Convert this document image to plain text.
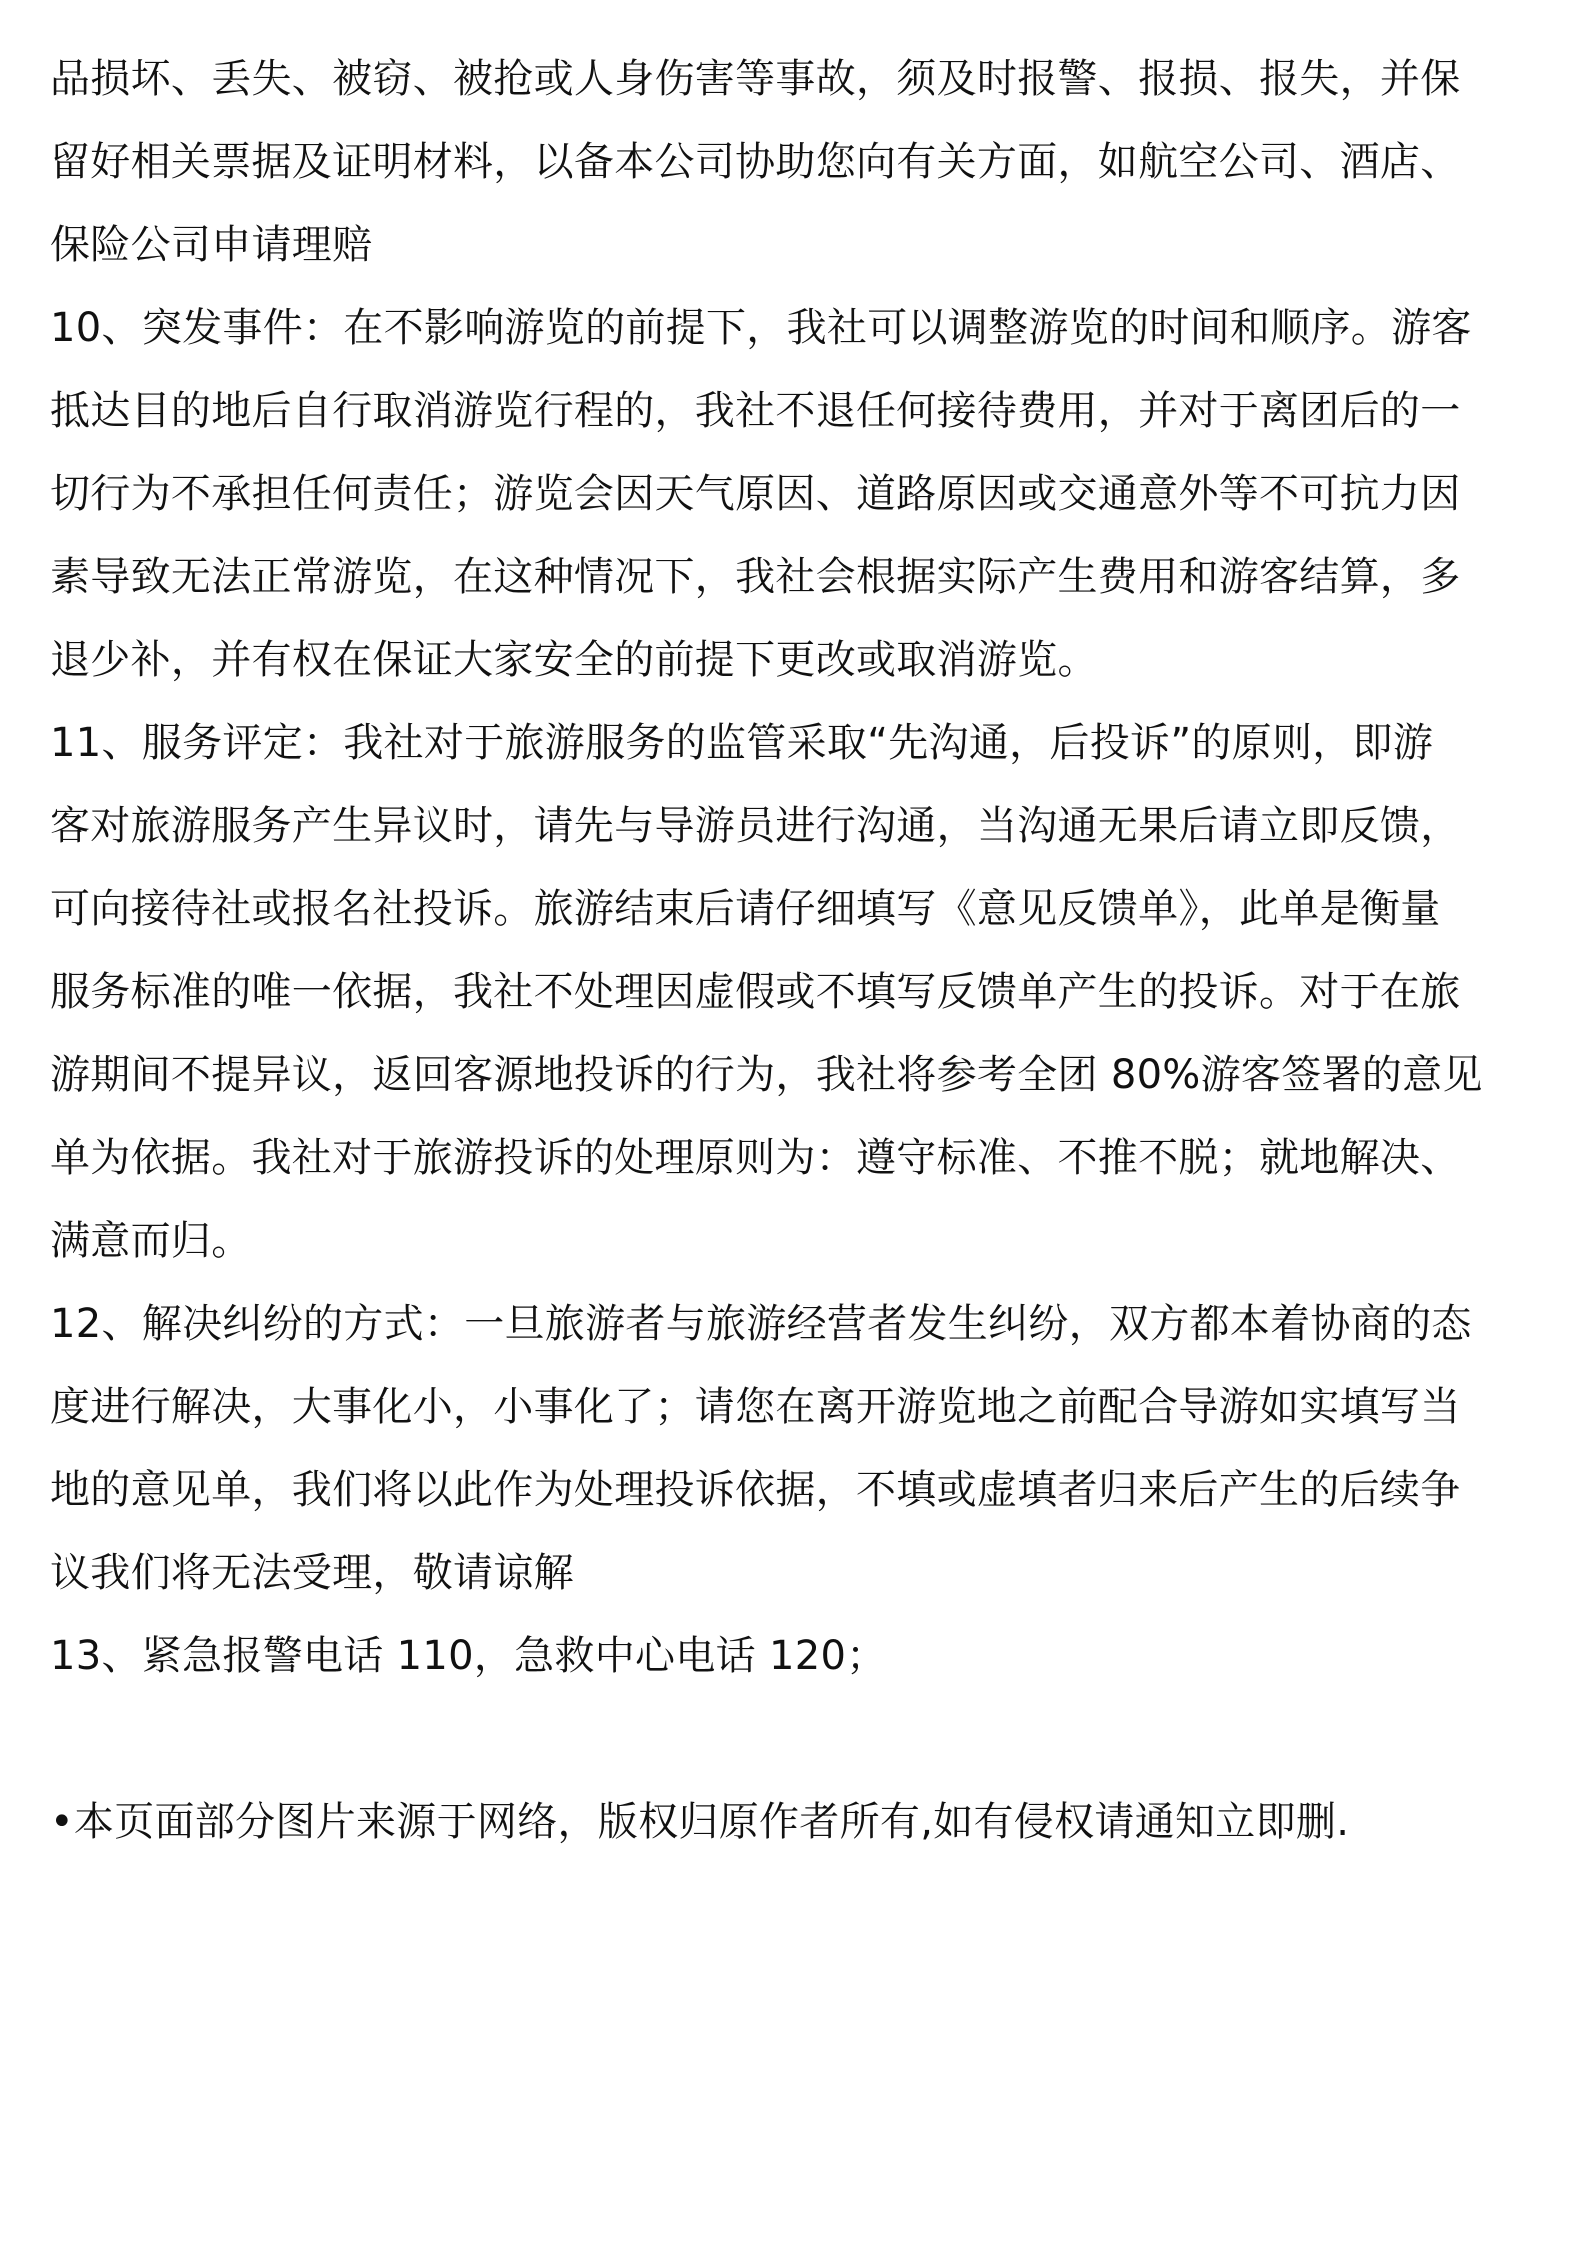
品损坏、丢失、被窃、被抢或人身伤害等事故，须及时报警、报损、报失，并保
留好相关票据及证明材料，以备本公司协助您向有关方面，如航空公司、酒店、
保险公司申请理赔
10、突发事件：在不影响游览的前提下，我社可以调整游览的时间和顺序。游客
抵达目的地后自行取消游览行程的，我社不退任何接待费用，并对于离团后的一
切行为不承担任何责任；游览会因天气原因、道路原因或交通意外等不可抗力因
素导致无法正常游览，在这种情况下，我社会根据实际产生费用和游客结算，多
退少补，并有权在保证大家安全的前提下更改或取消游览。
11、服务评定：我社对于旅游服务的监管采取“先沟通，后投诉”的原则，即游
客对旅游服务产生异议时，请先与导游员进行沟通，当沟通无果后请立即反馈，
可向接待社或报名社投诉。旅游结束后请仔细填写《意见反馈单》，此单是衡量
服务标准的唯一依据，我社不处理因虚假或不填写反馈单产生的投诉。对于在旅
游期间不提异议，返回客源地投诉的行为，我社将参考全团 80%游客签署的意见
单为依据。我社对于旅游投诉的处理原则为：遵守标准、不推不脱；就地解决、
满意而归。
12、解决纠纷的方式：一旦旅游者与旅游经营者发生纠纷，双方都本着协商的态
度进行解决，大事化小，小事化了；请您在离开游览地之前配合导游如实填写当
地的意见单，我们将以此作为处理投诉依据，不填或虚填者归来后产生的后续争
议我们将无法受理，敬请谅解
13、紧急报警电话 110，急救中心电话 120；
•本页面部分图片来源于网络，版权归原作者所有,如有侵权请通知立即删.
